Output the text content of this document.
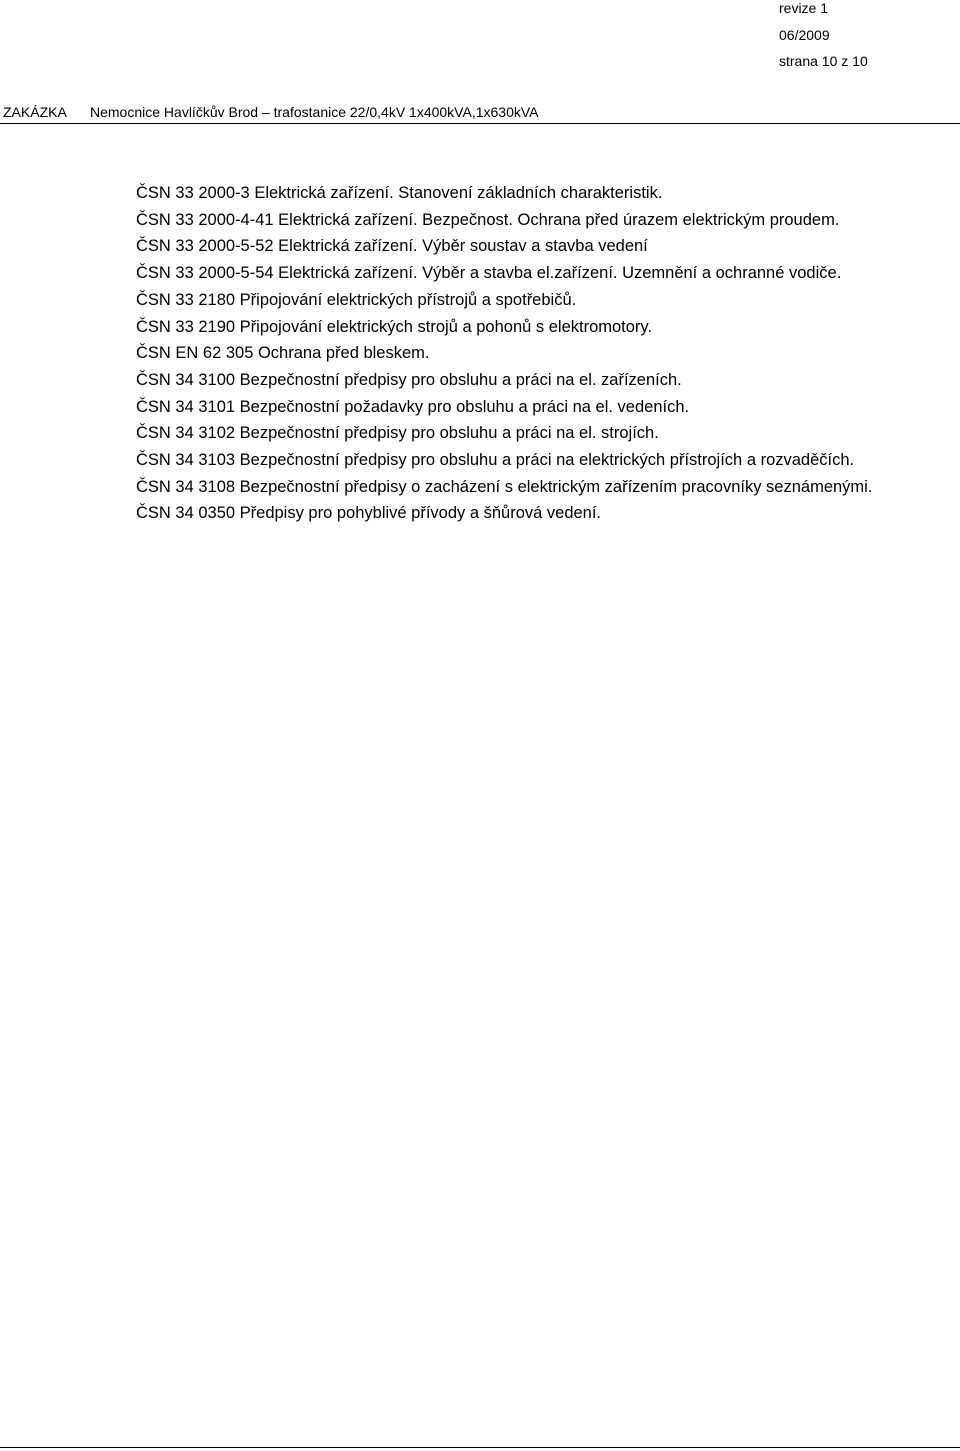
revize 1
06/2009
strana 10 z 10
ZAKÁZKA Nemocnice Havlíčkův Brod – trafostanice 22/0,4kV 1x400kVA,1x630kVA
ČSN 33 2000-3 Elektrická zařízení. Stanovení základních charakteristik.
ČSN 33 2000-4-41 Elektrická zařízení. Bezpečnost. Ochrana před úrazem elektrickým proudem.
ČSN 33 2000-5-52 Elektrická zařízení. Výběr soustav a stavba vedení
ČSN 33 2000-5-54 Elektrická zařízení. Výběr a stavba el.zařízení. Uzemnění a ochranné vodiče.
ČSN 33 2180 Připojování elektrických přístrojů a spotřebičů.
ČSN 33 2190 Připojování elektrických strojů a pohonů s elektromotory.
ČSN EN 62 305 Ochrana před bleskem.
ČSN 34 3100 Bezpečnostní předpisy pro obsluhu a práci na el. zařízeních.
ČSN 34 3101 Bezpečnostní požadavky pro obsluhu a práci na el. vedeních.
ČSN 34 3102 Bezpečnostní předpisy pro obsluhu a práci na el. strojích.
ČSN 34 3103 Bezpečnostní předpisy pro obsluhu a práci na elektrických přístrojích a rozvaděčích.
ČSN 34 3108 Bezpečnostní předpisy o zacházení s elektrickým zařízením pracovníky seznámenými.
ČSN 34 0350 Předpisy pro pohyblivé přívody a šňůrová vedení.
